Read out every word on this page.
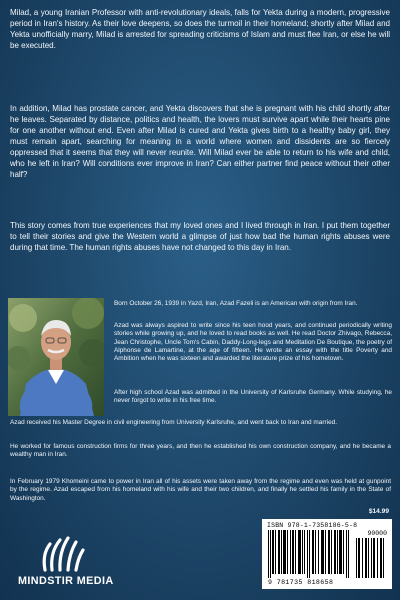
Milad, a young Iranian Professor with anti-revolutionary ideals, falls for Yekta during a modern, progressive period in Iran's history. As their love deepens, so does the turmoil in their homeland; shortly after Milad and Yekta unofficially marry, Milad is arrested for spreading criticisms of Islam and must flee Iran, or else he will be executed.

In addition, Milad has prostate cancer, and Yekta discovers that she is pregnant with his child shortly after he leaves. Separated by distance, politics and health, the lovers must survive apart while their hearts pine for one another without end. Even after Milad is cured and Yekta gives birth to a healthy baby girl, they must remain apart, searching for meaning in a world where women and dissidents are so fiercely oppressed that it seems that they will never reunite. Will Milad ever be able to return to his wife and child, who he left in Iran? Will conditions ever improve in Iran? Can either partner find peace without their other half?

This story comes from true experiences that my loved ones and I lived through in Iran. I put them together to tell their stories and give the Western world a glimpse of just how bad the human rights abuses were during that time. The human rights abuses have not changed to this day in Iran.

Born October 26, 1939 in Yazd, Iran, Azad Fazeli is an American with origin from Iran.

Azad was always aspired to write since his teen hood years, and continued periodically writing stories while growing up, and he loved to read books as well. He read Doctor Zhivago, Rebecca, Jean Christophe, Uncle Tom's Cabin, Daddy-Long-legs and Meditation De Boutique, the poetry of Alphonse de Lamartine, at the age of fifteen. He wrote an essay with the title Poverty and Ambition when he was sixteen and awarded the literature prize of his hometown.

After high school Azad was admitted in the University of Karlsruhe Germany. While studying, he never forgot to write in his free time.

Azad received his Master Degree in civil engineering from University Karlsruhe, and went back to Iran and married.

He worked for famous construction firms for three years, and then he established his own construction company, and he became a wealthy man in Iran.

In February 1979 Khomeini came to power in Iran all of his assets were taken away from the regime and even was held at gunpoint by the regime. Azad escaped from his homeland with his wife and their two children, and finally he settled his family in the State of Washington.

$14.99
ISBN 978-1-7358186-5-8
90000
9 781735 818658
MINDSTIR MEDIA
